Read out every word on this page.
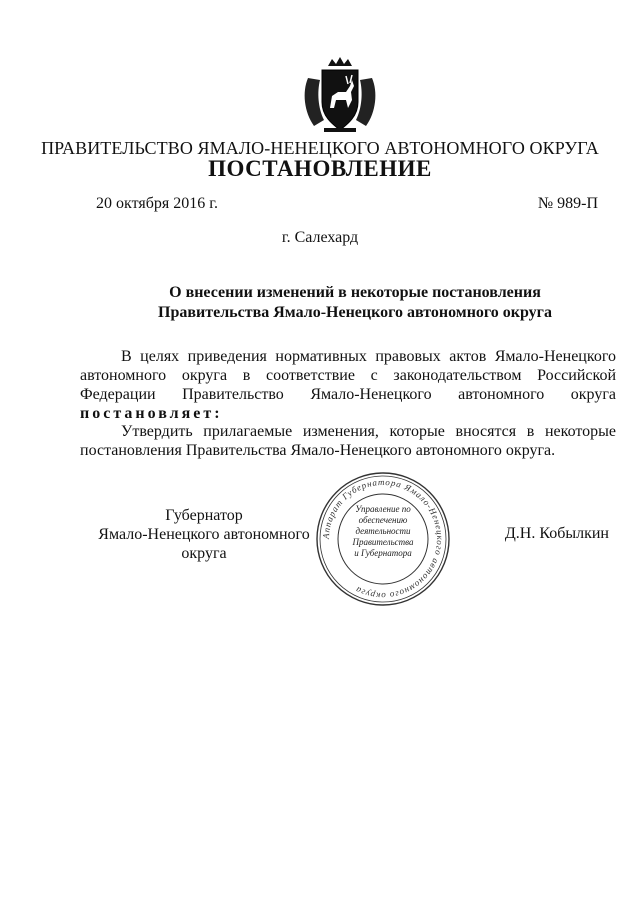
ПРАВИТЕЛЬСТВО ЯМАЛО-НЕНЕЦКОГО АВТОНОМНОГО ОКРУГА
ПОСТАНОВЛЕНИЕ
20 октября 2016 г.	№ 989-П
г. Салехард
О внесении изменений в некоторые постановления
Правительства Ямало-Ненецкого автономного округа
В целях приведения нормативных правовых актов Ямало-Ненецкого автономного округа в соответствие с законодательством Российской Федерации Правительство Ямало-Ненецкого автономного округа постановляет:
Утвердить прилагаемые изменения, которые вносятся в некоторые постановления Правительства Ямало-Ненецкого автономного округа.
Губернатор
Ямало-Ненецкого автономного округа
Д.Н. Кобылкин
Аппарат Губернатора Ямало-Ненецкого автономного округа
Управление по
обеспечению
деятельности
Правительства
и Губернатора
